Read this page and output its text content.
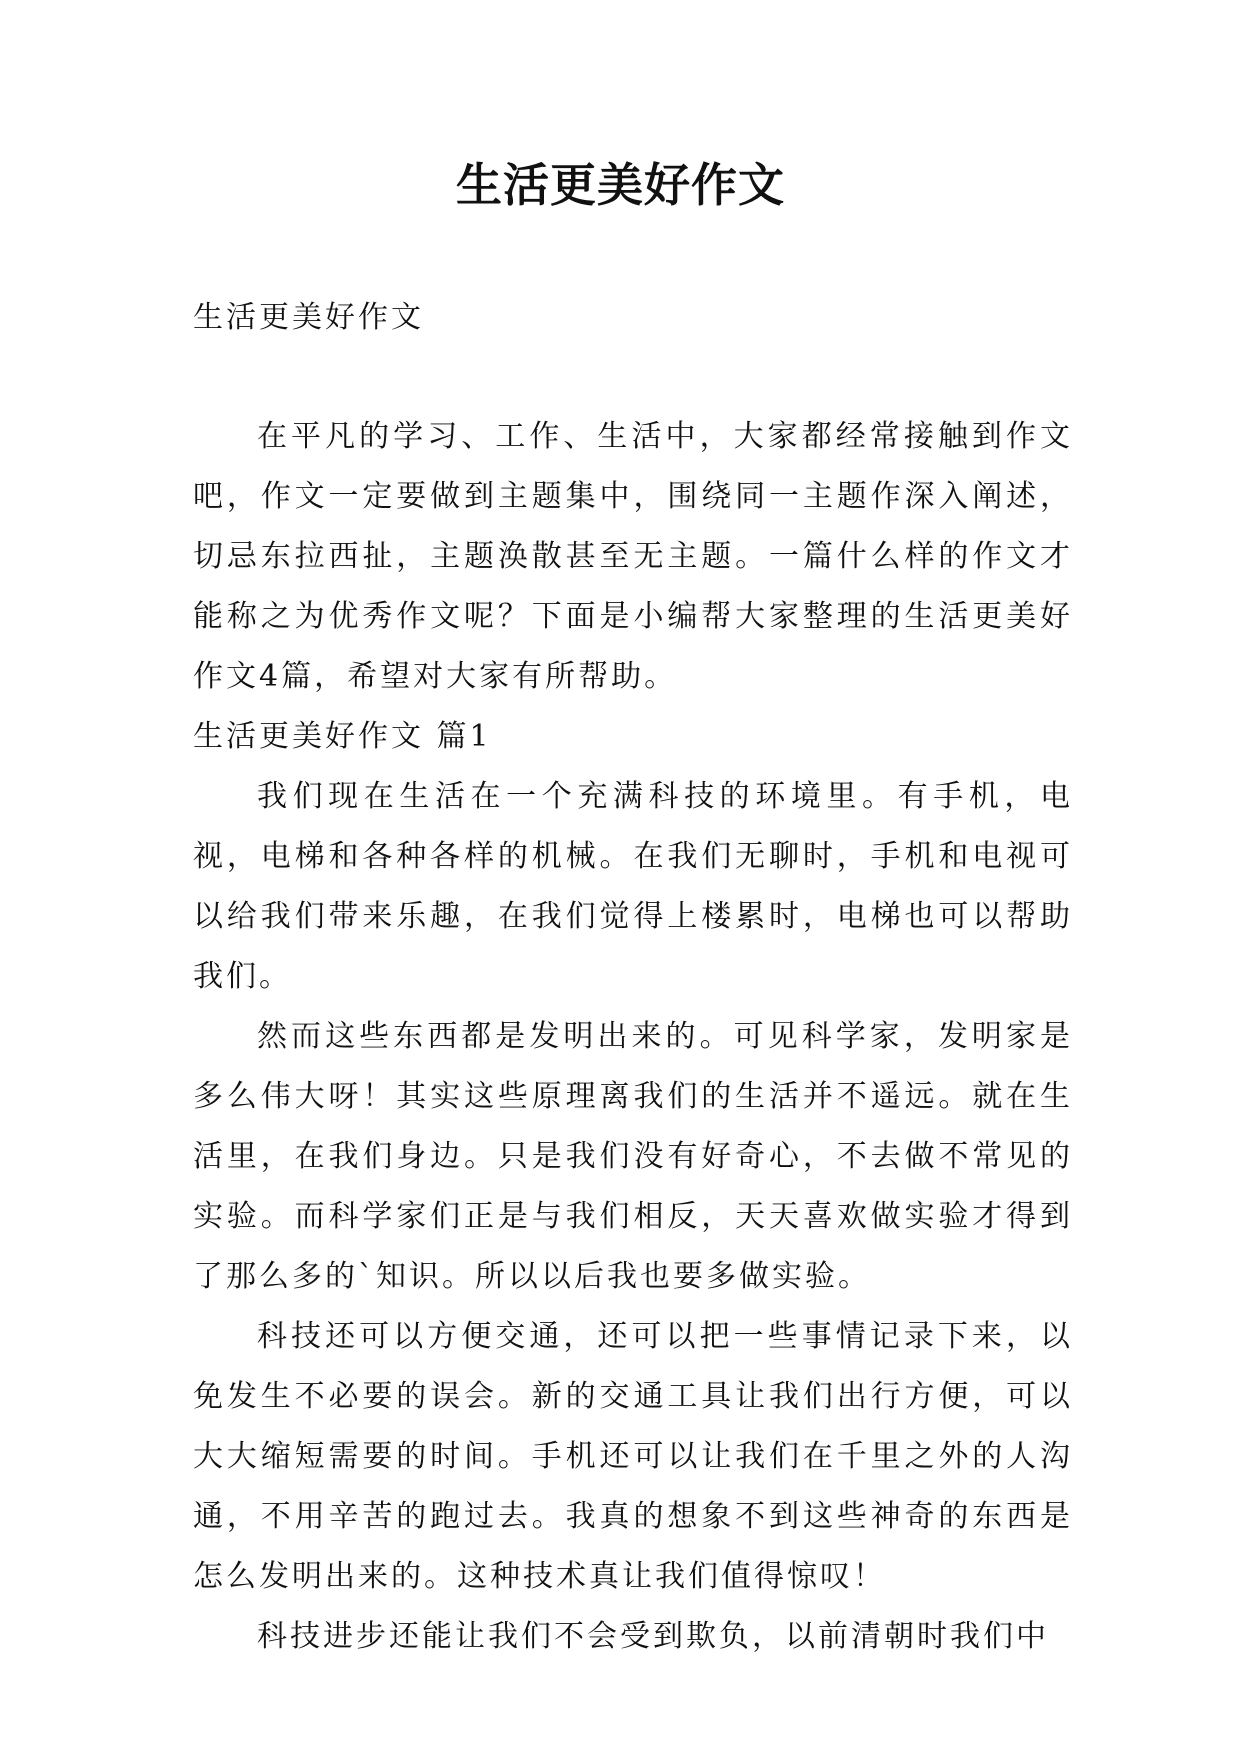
生活更美好作文

生活更美好作文

在平凡的学习、工作、生活中，大家都经常接触到作文吧，作文一定要做到主题集中，围绕同一主题作深入阐述，切忌东拉西扯，主题涣散甚至无主题。一篇什么样的作文才能称之为优秀作文呢？下面是小编帮大家整理的生活更美好作文4篇，希望对大家有所帮助。

生活更美好作文 篇1

我们现在生活在一个充满科技的环境里。有手机，电视，电梯和各种各样的机械。在我们无聊时，手机和电视可以给我们带来乐趣，在我们觉得上楼累时，电梯也可以帮助我们。

然而这些东西都是发明出来的。可见科学家，发明家是多么伟大呀！其实这些原理离我们的生活并不遥远。就在生活里，在我们身边。只是我们没有好奇心，不去做不常见的实验。而科学家们正是与我们相反，天天喜欢做实验才得到了那么多的`知识。所以以后我也要多做实验。

科技还可以方便交通，还可以把一些事情记录下来，以免发生不必要的误会。新的交通工具让我们出行方便，可以大大缩短需要的时间。手机还可以让我们在千里之外的人沟通，不用辛苦的跑过去。我真的想象不到这些神奇的东西是怎么发明出来的。这种技术真让我们值得惊叹！

科技进步还能让我们不会受到欺负，以前清朝时我们中
